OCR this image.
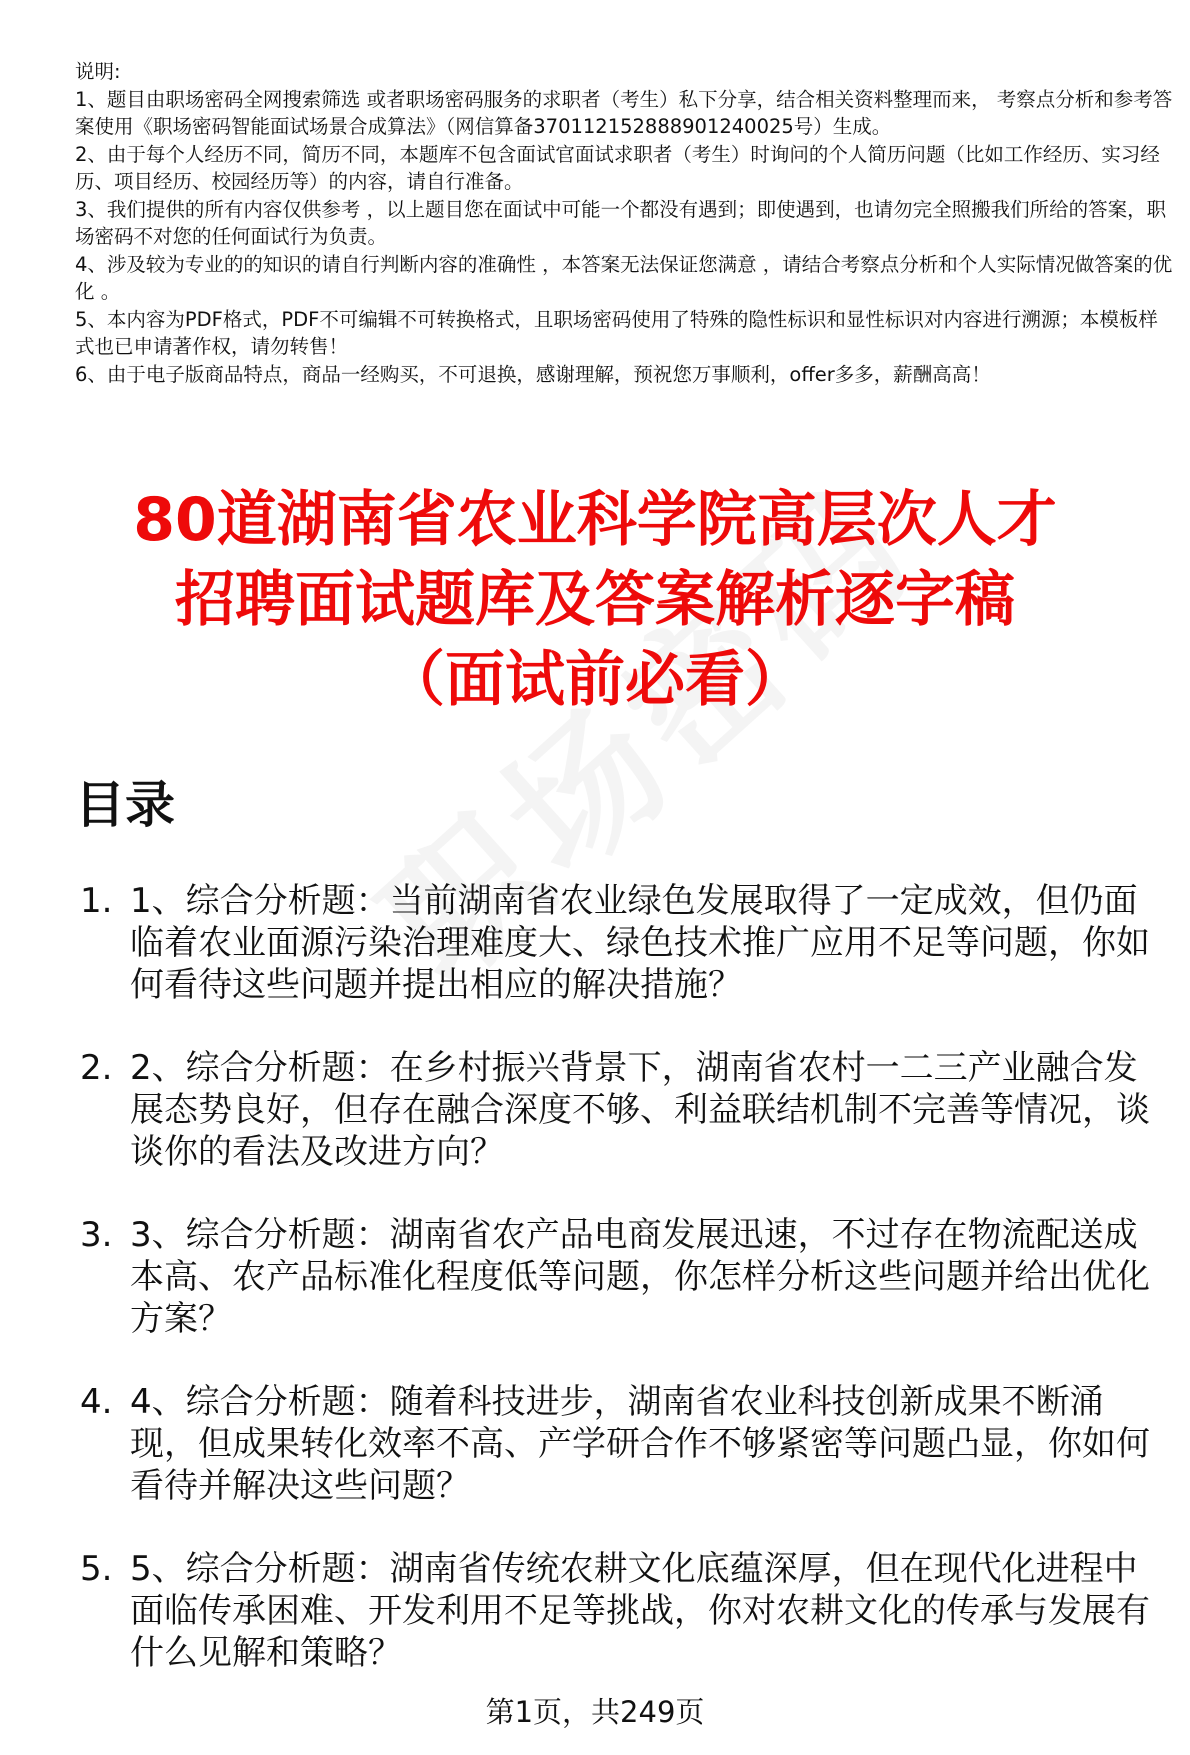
说明:
1、题目由职场密码全网搜索筛选 或者职场密码服务的求职者（考生）私下分享，结合相关资料整理而来， 考察点分析和参考答案使用《职场密码智能面试场景合成算法》（网信算备370112152888901240025号）生成。
2、由于每个人经历不同，简历不同，本题库不包含面试官面试求职者（考生）时询问的个人简历问题（比如工作经历、实习经历、项目经历、校园经历等）的内容，请自行准备。
3、我们提供的所有内容仅供参考 ，以上题目您在面试中可能一个都没有遇到；即使遇到，也请勿完全照搬我们所给的答案，职场密码不对您的任何面试行为负责。
4、涉及较为专业的的知识的请自行判断内容的准确性 ，本答案无法保证您满意 ，请结合考察点分析和个人实际情况做答案的优化 。
5、本内容为PDF格式，PDF不可编辑不可转换格式，且职场密码使用了特殊的隐性标识和显性标识对内容进行溯源；本模板样式也已申请著作权，请勿转售！
6、由于电子版商品特点，商品一经购买，不可退换，感谢理解，预祝您万事顺利，offer多多，薪酬高高！
80道湖南省农业科学院高层次人才
招聘面试题库及答案解析逐字稿
（面试前必看）
目录
1. 1、综合分析题：当前湖南省农业绿色发展取得了一定成效，但仍面临着农业面源污染治理难度大、绿色技术推广应用不足等问题，你如何看待这些问题并提出相应的解决措施？
2. 2、综合分析题：在乡村振兴背景下，湖南省农村一二三产业融合发展态势良好，但存在融合深度不够、利益联结机制不完善等情况，谈谈你的看法及改进方向？
3. 3、综合分析题：湖南省农产品电商发展迅速，不过存在物流配送成本高、农产品标准化程度低等问题，你怎样分析这些问题并给出优化方案？
4. 4、综合分析题：随着科技进步，湖南省农业科技创新成果不断涌现，但成果转化效率不高、产学研合作不够紧密等问题凸显，你如何看待并解决这些问题？
5. 5、综合分析题：湖南省传统农耕文化底蕴深厚，但在现代化进程中面临传承困难、开发利用不足等挑战，你对农耕文化的传承与发展有什么见解和策略？
第1页，共249页
